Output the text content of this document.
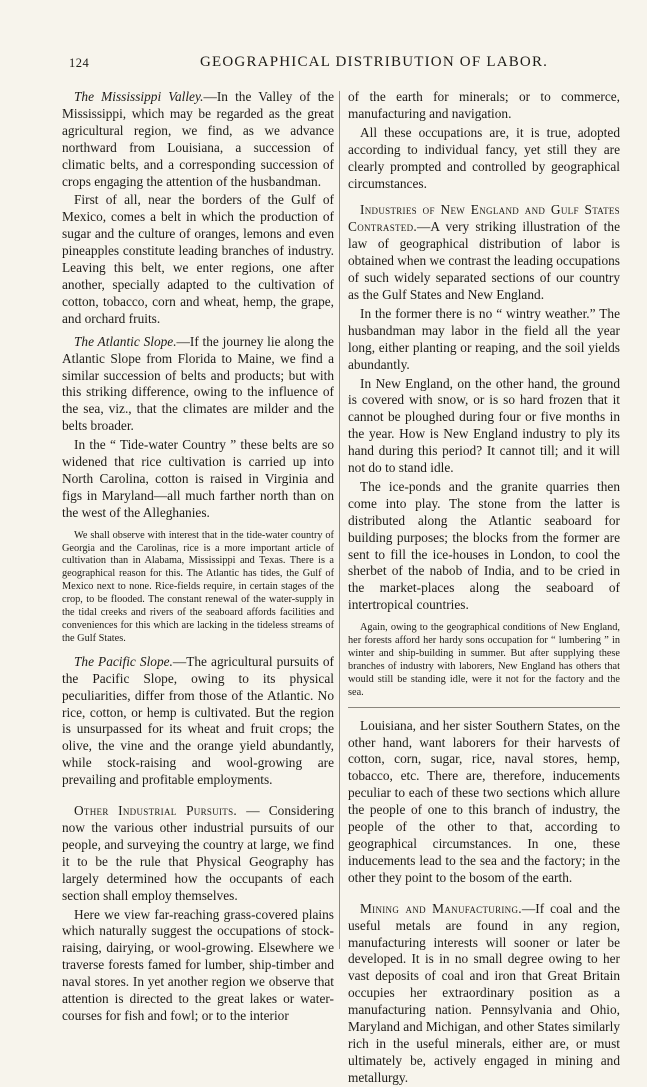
124	GEOGRAPHICAL DISTRIBUTION OF LABOR.

The Mississippi Valley.—In the Valley of the Mississippi, which may be regarded as the great agricultural region, we find, as we advance northward from Louisiana, a succession of climatic belts, and a corresponding succession of crops engaging the attention of the husbandman.

First of all, near the borders of the Gulf of Mexico, comes a belt in which the production of sugar and the culture of oranges, lemons and even pineapples constitute leading branches of industry. Leaving this belt, we enter regions, one after another, specially adapted to the cultivation of cotton, tobacco, corn and wheat, hemp, the grape, and orchard fruits.

The Atlantic Slope.—If the journey lie along the Atlantic Slope from Florida to Maine, we find a similar succession of belts and products; but with this striking difference, owing to the influence of the sea, viz., that the climates are milder and the belts broader.

In the “ Tide-water Country ” these belts are so widened that rice cultivation is carried up into North Carolina, cotton is raised in Virginia and figs in Maryland—all much farther north than on the west of the Alleghanies.

We shall observe with interest that in the tide-water country of Georgia and the Carolinas, rice is a more important article of cultivation than in Alabama, Mississippi and Texas. There is a geographical reason for this. The Atlantic has tides, the Gulf of Mexico next to none. Rice-fields require, in certain stages of the crop, to be flooded. The constant renewal of the water-supply in the tidal creeks and rivers of the seaboard affords facilities and conveniences for this which are lacking in the tideless streams of the Gulf States.

The Pacific Slope.—The agricultural pursuits of the Pacific Slope, owing to its physical peculiarities, differ from those of the Atlantic. No rice, cotton, or hemp is cultivated. But the region is unsurpassed for its wheat and fruit crops; the olive, the vine and the orange yield abundantly, while stock-raising and wool-growing are prevailing and profitable employments.

Other Industrial Pursuits. — Considering now the various other industrial pursuits of our people, and surveying the country at large, we find it to be the rule that Physical Geography has largely determined how the occupants of each section shall employ themselves.

Here we view far-reaching grass-covered plains which naturally suggest the occupations of stock-raising, dairying, or wool-growing. Elsewhere we traverse forests famed for lumber, ship-timber and naval stores. In yet another region we observe that attention is directed to the great lakes or water-courses for fish and fowl; or to the interior

of the earth for minerals; or to commerce, manufacturing and navigation.

All these occupations are, it is true, adopted according to individual fancy, yet still they are clearly prompted and controlled by geographical circumstances.

Industries of New England and Gulf States Contrasted.—A very striking illustration of the law of geographical distribution of labor is obtained when we contrast the leading occupations of such widely separated sections of our country as the Gulf States and New England.

In the former there is no “ wintry weather.” The husbandman may labor in the field all the year long, either planting or reaping, and the soil yields abundantly.

In New England, on the other hand, the ground is covered with snow, or is so hard frozen that it cannot be ploughed during four or five months in the year. How is New England industry to ply its hand during this period? It cannot till; and it will not do to stand idle.

The ice-ponds and the granite quarries then come into play. The stone from the latter is distributed along the Atlantic seaboard for building purposes; the blocks from the former are sent to fill the ice-houses in London, to cool the sherbet of the nabob of India, and to be cried in the market-places along the seaboard of intertropical countries.

Again, owing to the geographical conditions of New England, her forests afford her hardy sons occupation for “ lumbering ” in winter and ship-building in summer. But after supplying these branches of industry with laborers, New England has others that would still be standing idle, were it not for the factory and the sea.

Louisiana, and her sister Southern States, on the other hand, want laborers for their harvests of cotton, corn, sugar, rice, naval stores, hemp, tobacco, etc. There are, therefore, inducements peculiar to each of these two sections which allure the people of one to this branch of industry, the people of the other to that, according to geographical circumstances. In one, these inducements lead to the sea and the factory; in the other they point to the bosom of the earth.

Mining and Manufacturing.—If coal and the useful metals are found in any region, manufacturing interests will sooner or later be developed. It is in no small degree owing to her vast deposits of coal and iron that Great Britain occupies her extraordinary position as a manufacturing nation. Pennsylvania and Ohio, Maryland and Michigan, and other States similarly rich in the useful minerals, either are, or must ultimately be, actively engaged in mining and metallurgy.
